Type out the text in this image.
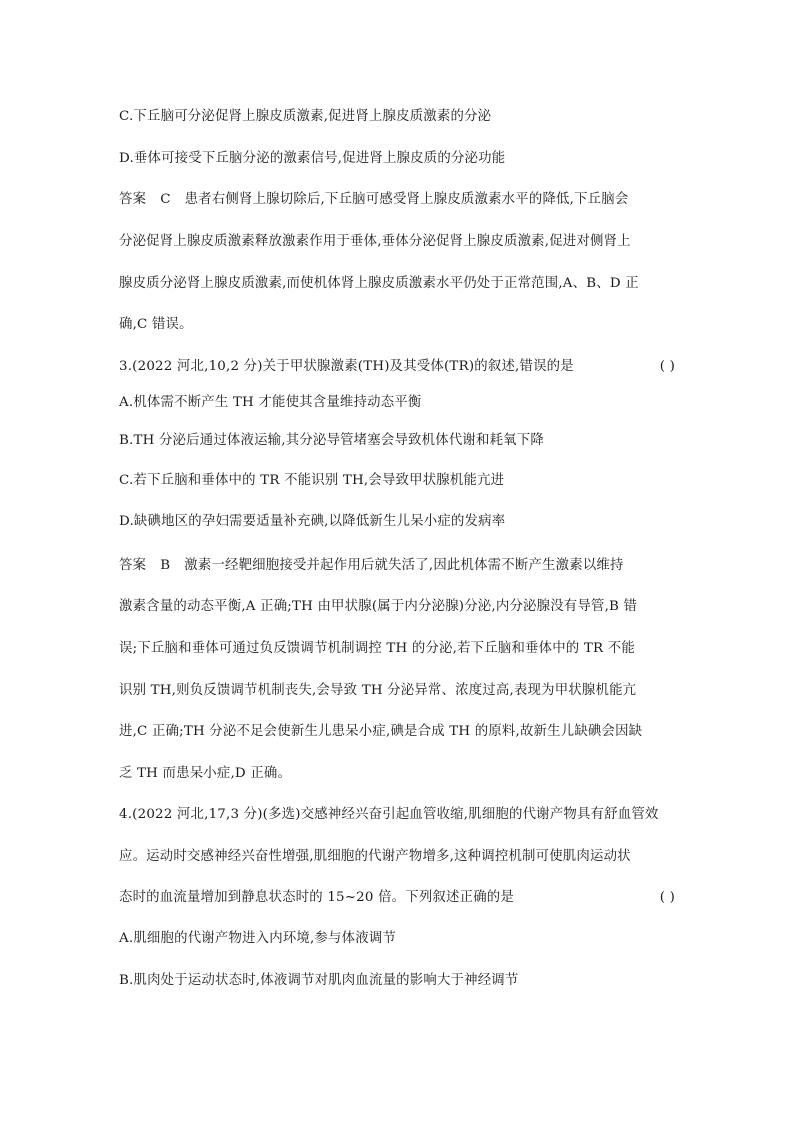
C.下丘脑可分泌促肾上腺皮质激素,促进肾上腺皮质激素的分泌
D.垂体可接受下丘脑分泌的激素信号,促进肾上腺皮质的分泌功能
答案 C 患者右侧肾上腺切除后,下丘脑可感受肾上腺皮质激素水平的降低,下丘脑会
分泌促肾上腺皮质激素释放激素作用于垂体,垂体分泌促肾上腺皮质激素,促进对侧肾上
腺皮质分泌肾上腺皮质激素,而使机体肾上腺皮质激素水平仍处于正常范围,A、B、D 正
确,C 错误。
3.(2022 河北,10,2 分)关于甲状腺激素(TH)及其受体(TR)的叙述,错误的是	( )
A.机体需不断产生 TH 才能使其含量维持动态平衡
B.TH 分泌后通过体液运输,其分泌导管堵塞会导致机体代谢和耗氧下降
C.若下丘脑和垂体中的 TR 不能识别 TH,会导致甲状腺机能亢进
D.缺碘地区的孕妇需要适量补充碘,以降低新生儿呆小症的发病率
答案 B 激素一经靶细胞接受并起作用后就失活了,因此机体需不断产生激素以维持
激素含量的动态平衡,A 正确;TH 由甲状腺(属于内分泌腺)分泌,内分泌腺没有导管,B 错
误;下丘脑和垂体可通过负反馈调节机制调控 TH 的分泌,若下丘脑和垂体中的 TR 不能
识别 TH,则负反馈调节机制丧失,会导致 TH 分泌异常、浓度过高,表现为甲状腺机能亢
进,C 正确;TH 分泌不足会使新生儿患呆小症,碘是合成 TH 的原料,故新生儿缺碘会因缺
乏 TH 而患呆小症,D 正确。
4.(2022 河北,17,3 分)(多选)交感神经兴奋引起血管收缩,肌细胞的代谢产物具有舒血管效
应。运动时交感神经兴奋性增强,肌细胞的代谢产物增多,这种调控机制可使肌肉运动状
态时的血流量增加到静息状态时的 15~20 倍。下列叙述正确的是	( )
A.肌细胞的代谢产物进入内环境,参与体液调节
B.肌肉处于运动状态时,体液调节对肌肉血流量的影响大于神经调节
